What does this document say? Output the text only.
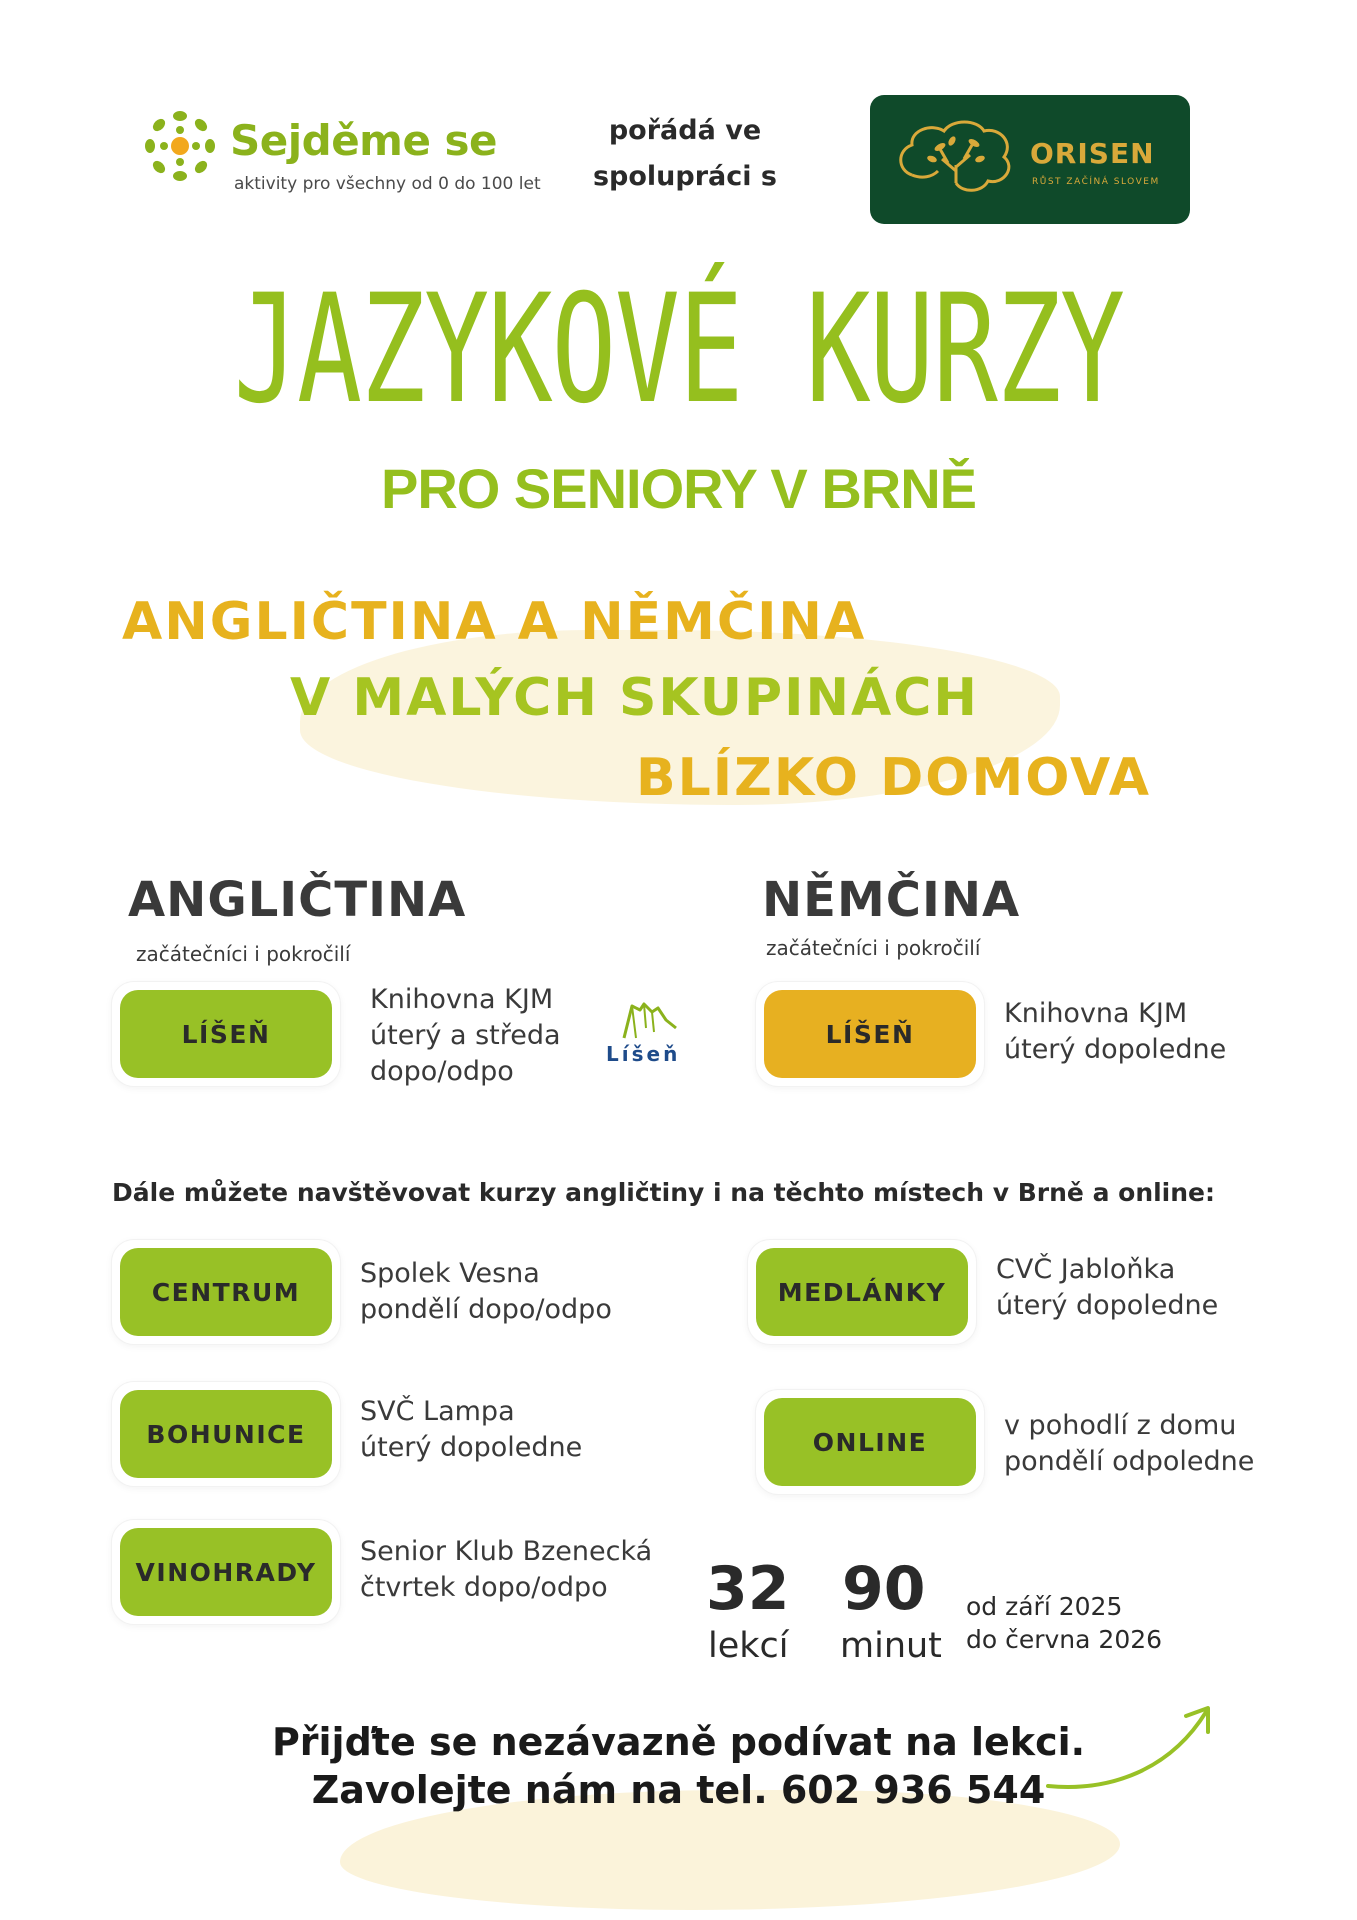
Sejděme se
aktivity pro všechny od 0 do 100 let
pořádá ve
spolupráci s
ORISEN
RŮST ZAČÍNÁ SLOVEM
JAZYKOVÉ KURZY
PRO SENIORY V BRNĚ
ANGLIČTINA A NĚMČINA
V MALÝCH SKUPINÁCH
BLÍZKO DOMOVA
ANGLIČTINA
začátečníci i pokročilí
LÍŠEŇ
Knihovna KJM
úterý a středa
dopo/odpo
Líšeň
NĚMČINA
začátečníci i pokročilí
LÍŠEŇ
Knihovna KJM
úterý dopoledne
Dále můžete navštěvovat kurzy angličtiny i na těchto místech v Brně a online:
CENTRUM
Spolek Vesna
pondělí dopo/odpo
MEDLÁNKY
CVČ Jabloňka
úterý dopoledne
BOHUNICE
SVČ Lampa
úterý dopoledne	ONLINE
v pohodlí z domu
pondělí odpoledne
VINOHRADY
Senior Klub Bzenecká
čtvrtek dopo/odpo	32
lekcí
90
minut
od září 2025
do června 2026
Přijďte se nezávazně podívat na lekci.
Zavolejte nám na tel. 602 936 544
